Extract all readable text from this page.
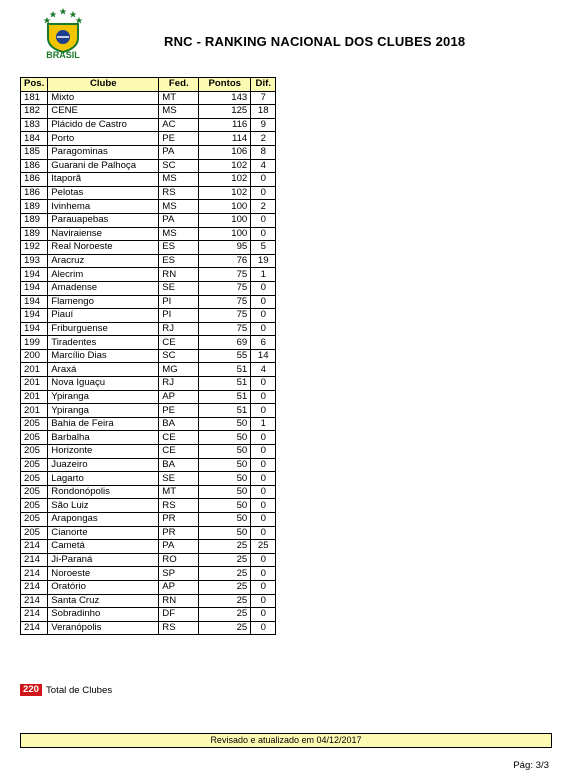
BRASIL
RNC - RANKING NACIONAL DOS CLUBES 2018
Pos.	Clube	Fed.	Pontos	Dif.
181	Mixto	MT	143	7
182	CENE	MS	125	18
183	Plácido de Castro	AC	116	9
184	Porto	PE	114	2
185	Paragominas	PA	106	8
186	Guarani de Palhoça	SC	102	4
186	Itaporã	MS	102	0
186	Pelotas	RS	102	0
189	Ivinhema	MS	100	2
189	Parauapebas	PA	100	0
189	Naviraiense	MS	100	0
192	Real Noroeste	ES	95	5
193	Aracruz	ES	76	19
194	Alecrim	RN	75	1
194	Amadense	SE	75	0
194	Flamengo	PI	75	0
194	Piauí	PI	75	0
194	Friburguense	RJ	75	0
199	Tiradentes	CE	69	6
200	Marcílio Dias	SC	55	14
201	Araxá	MG	51	4
201	Nova Iguaçu	RJ	51	0
201	Ypiranga	AP	51	0
201	Ypiranga	PE	51	0
205	Bahia de Feira	BA	50	1
205	Barbalha	CE	50	0
205	Horizonte	CE	50	0
205	Juazeiro	BA	50	0
205	Lagarto	SE	50	0
205	Rondonópolis	MT	50	0
205	São Luiz	RS	50	0
205	Arapongas	PR	50	0
205	Cianorte	PR	50	0
214	Cametá	PA	25	25
214	Ji-Paraná	RO	25	0
214	Noroeste	SP	25	0
214	Oratório	AP	25	0
214	Santa Cruz	RN	25	0
214	Sobradinho	DF	25	0
214	Veranópolis	RS	25	0
220 Total de Clubes
Revisado e atualizado em 04/12/2017
Pág: 3/3
